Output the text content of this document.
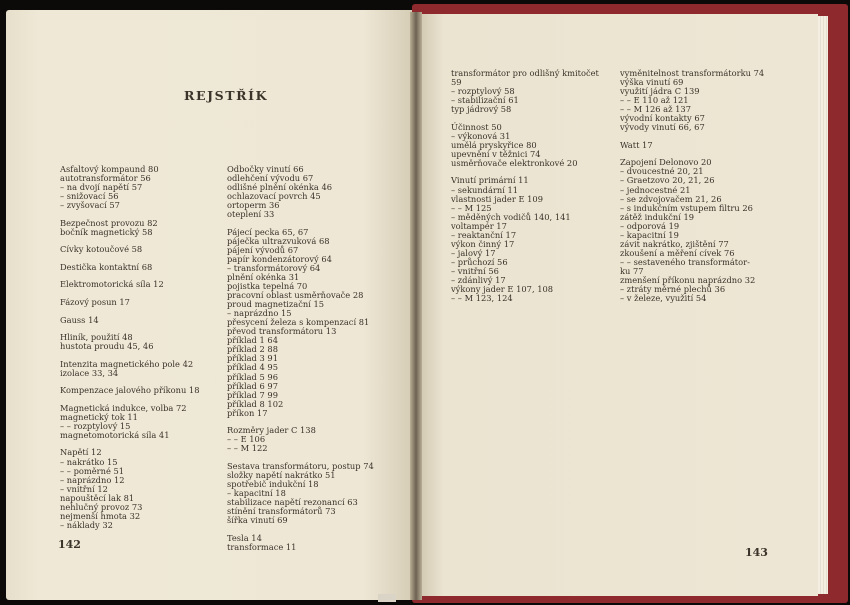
REJSTŘÍK
Asfaltový kompaund 80
autotransformátor 56
– na dvojí napětí 57
– snižovací 56
– zvyšovací 57
Bezpečnost provozu 82
bočník magnetický 58
Cívky kotoučové 58
Destička kontaktní 68
Elektromotorická síla 12
Fázový posun 17
Gauss 14
Hliník, použití 48
hustota proudu 45, 46
Intenzita magnetického pole 42
izolace 33, 34
Kompenzace jalového příkonu 18
Magnetická indukce, volba 72
magnetický tok 11
– – rozptylový 15
magnetomotorická síla 41
Napětí 12
– nakrátko 15
– – poměrné 51
– naprázdno 12
– vnitřní 12
napouštěcí lak 81
nehlučný provoz 73
nejmenší hmota 32
– náklady 32
Odbočky vinutí 66
odlehčení vývodu 67
odlišné plnění okénka 46
ochlazovací povrch 45
ortoperm 36
oteplení 33
Pájecí pecka 65, 67
páječka ultrazvuková 68
pájení vývodů 67
papír kondenzátorový 64
– transformátorový 64
plnění okénka 31
pojistka tepelná 70
pracovní oblast usměrňovače 28
proud magnetizační 15
– naprázdno 15
přesycení železa s kompenzací 81
převod transformátoru 13
příklad 1 64
příklad 2 88
příklad 3 91
příklad 4 95
příklad 5 96
příklad 6 97
příklad 7 99
příklad 8 102
příkon 17
Rozměry jader C 138
– – E 106
– – M 122
Sestava transformátoru, postup 74
složky napětí nakrátko 51
spotřebič indukční 18
– kapacitní 18
stabilizace napětí rezonancí 63
stínění transformátorů 73
šířka vinutí 69
Tesla 14
transformace 11
transformátor pro odlišný kmitočet
59
– rozptylový 58
– stabilizační 61
typ jádrový 58
Účinnost 50
– výkonová 31
umělá pryskyřice 80
upevnění v těžnici 74
usměrňovače elektronkové 20
Vinutí primární 11
– sekundární 11
vlastnosti jader E 109
– – M 125
– měděných vodičů 140, 141
voltampér 17
– reaktanční 17
výkon činný 17
– jalový 17
– průchozí 56
– vnitřní 56
– zdánlivý 17
výkony jader E 107, 108
– – M 123, 124
vyměnitelnost transformátorku 74
výška vinutí 69
využití jádra C 139
– – E 110 až 121
– – M 126 až 137
vývodní kontakty 67
vývody vinutí 66, 67
Watt 17
Zapojení Delonovo 20
– dvoucestné 20, 21
– Graetzovo 20, 21, 26
– jednocestné 21
– se zdvojovačem 21, 26
– s indukčním vstupem filtru 26
zátěž indukční 19
– odporová 19
– kapacitní 19
závit nakrátko, zjištění 77
zkoušení a měření cívek 76
– – sestaveného transformátor-
ku 77
zmenšení příkonu naprázdno 32
– ztráty měrné plechů 36
– v železe, využití 54
142
143
